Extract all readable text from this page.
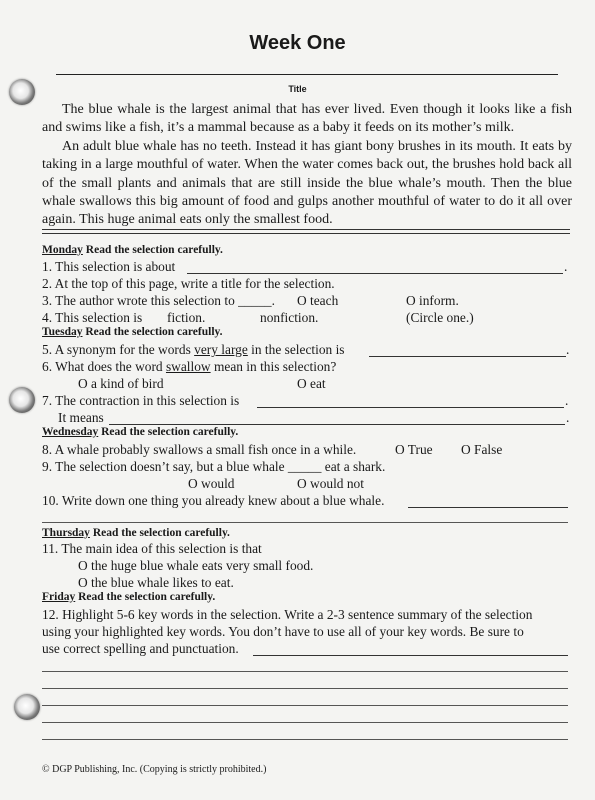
Week One
Title

The blue whale is the largest animal that has ever lived. Even though it looks like a fish and swims like a fish, it’s a mammal because as a baby it feeds on its mother’s milk.

An adult blue whale has no teeth. Instead it has giant bony brushes in its mouth. It eats by taking in a large mouthful of water. When the water comes back out, the brushes hold back all of the small plants and animals that are still inside the blue whale’s mouth. Then the blue whale swallows this big amount of food and gulps another mouthful of water to do it all over again. This huge animal eats only the smallest food.

Monday Read the selection carefully.
1. This selection is about	.
2. At the top of this page, write a title for the selection.
3. The author wrote this selection to _____. O teach	O inform.
4. This selection is fiction.	nonfiction.	(Circle one.)
Tuesday Read the selection carefully.
5. A synonym for the words very large in the selection is	.
6. What does the word swallow mean in this selection?
O a kind of bird	O eat
7. The contraction in this selection is	.
It means	.
Wednesday Read the selection carefully.
8. A whale probably swallows a small fish once in a while.	O True O False
9. The selection doesn’t say, but a blue whale _____ eat a shark.
O would	O would not
10. Write down one thing you already knew about a blue whale.
Thursday Read the selection carefully.
11. The main idea of this selection is that
O the huge blue whale eats very small food.
O the blue whale likes to eat.
Friday Read the selection carefully.
12. Highlight 5-6 key words in the selection. Write a 2-3 sentence summary of the selection
using your highlighted key words. You don’t have to use all of your key words. Be sure to
use correct spelling and punctuation.
© DGP Publishing, Inc. (Copying is strictly prohibited.)
